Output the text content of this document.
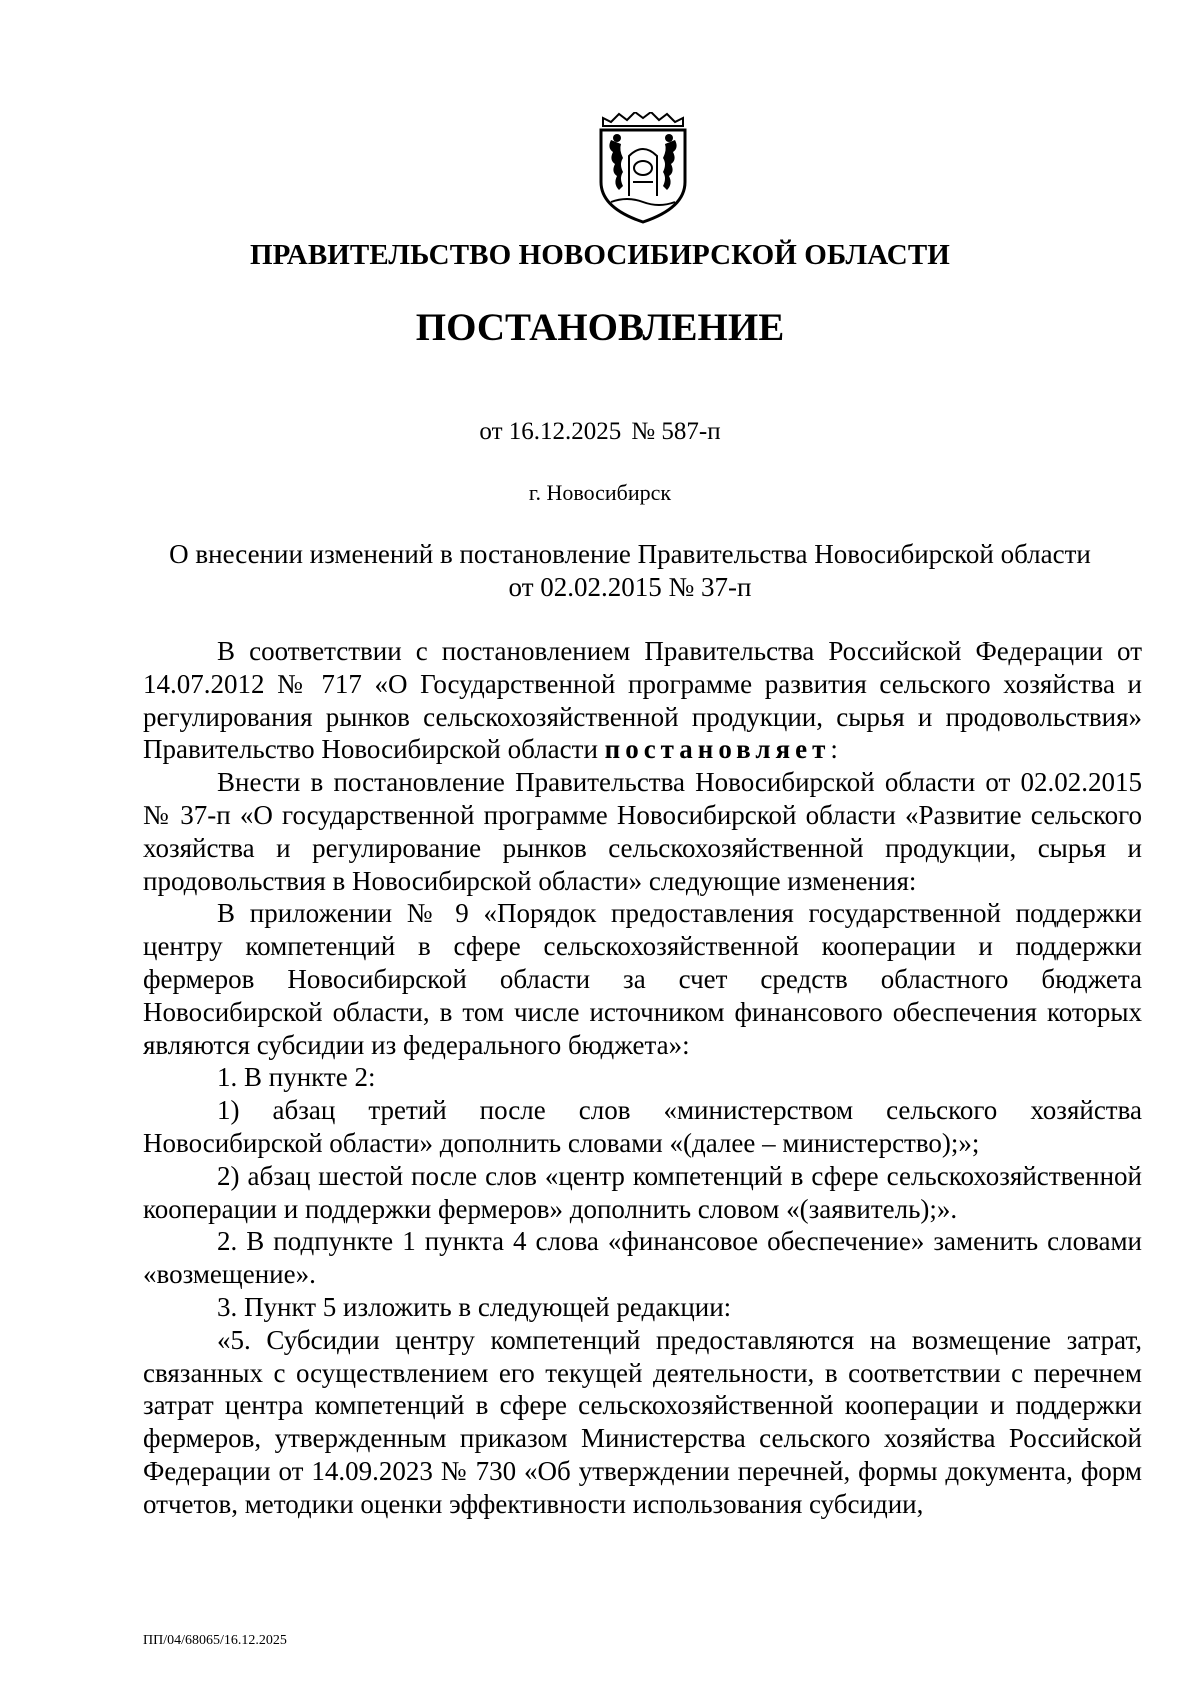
ПРАВИТЕЛЬСТВО НОВОСИБИРСКОЙ ОБЛАСТИ
ПОСТАНОВЛЕНИЕ
от 16.12.2025 № 587-п
г. Новосибирск
О внесении изменений в постановление Правительства Новосибирской области
от 02.02.2015 № 37-п

В соответствии с постановлением Правительства Российской Федерации от 14.07.2012 № 717 «О Государственной программе развития сельского хозяйства и регулирования рынков сельскохозяйственной продукции, сырья и продовольствия» Правительство Новосибирской области постановляет:

Внести в постановление Правительства Новосибирской области от 02.02.2015 № 37-п «О государственной программе Новосибирской области «Развитие сельского хозяйства и регулирование рынков сельскохозяйственной продукции, сырья и продовольствия в Новосибирской области» следующие изменения:

В приложении № 9 «Порядок предоставления государственной поддержки центру компетенций в сфере сельскохозяйственной кооперации и поддержки фермеров Новосибирской области за счет средств областного бюджета Новосибирской области, в том числе источником финансового обеспечения которых являются субсидии из федерального бюджета»:

1. В пункте 2:

1) абзац третий после слов «министерством сельского хозяйства Новосибирской области» дополнить словами «(далее – министерство);»;

2) абзац шестой после слов «центр компетенций в сфере сельскохозяйственной кооперации и поддержки фермеров» дополнить словом «(заявитель);».

2. В подпункте 1 пункта 4 слова «финансовое обеспечение» заменить словами «возмещение».

3. Пункт 5 изложить в следующей редакции:

«5. Субсидии центру компетенций предоставляются на возмещение затрат, связанных с осуществлением его текущей деятельности, в соответствии с перечнем затрат центра компетенций в сфере сельскохозяйственной кооперации и поддержки фермеров, утвержденным приказом Министерства сельского хозяйства Российской Федерации от 14.09.2023 № 730 «Об утверждении перечней, формы документа, форм отчетов, методики оценки эффективности использования субсидии,

ПП/04/68065/16.12.2025
